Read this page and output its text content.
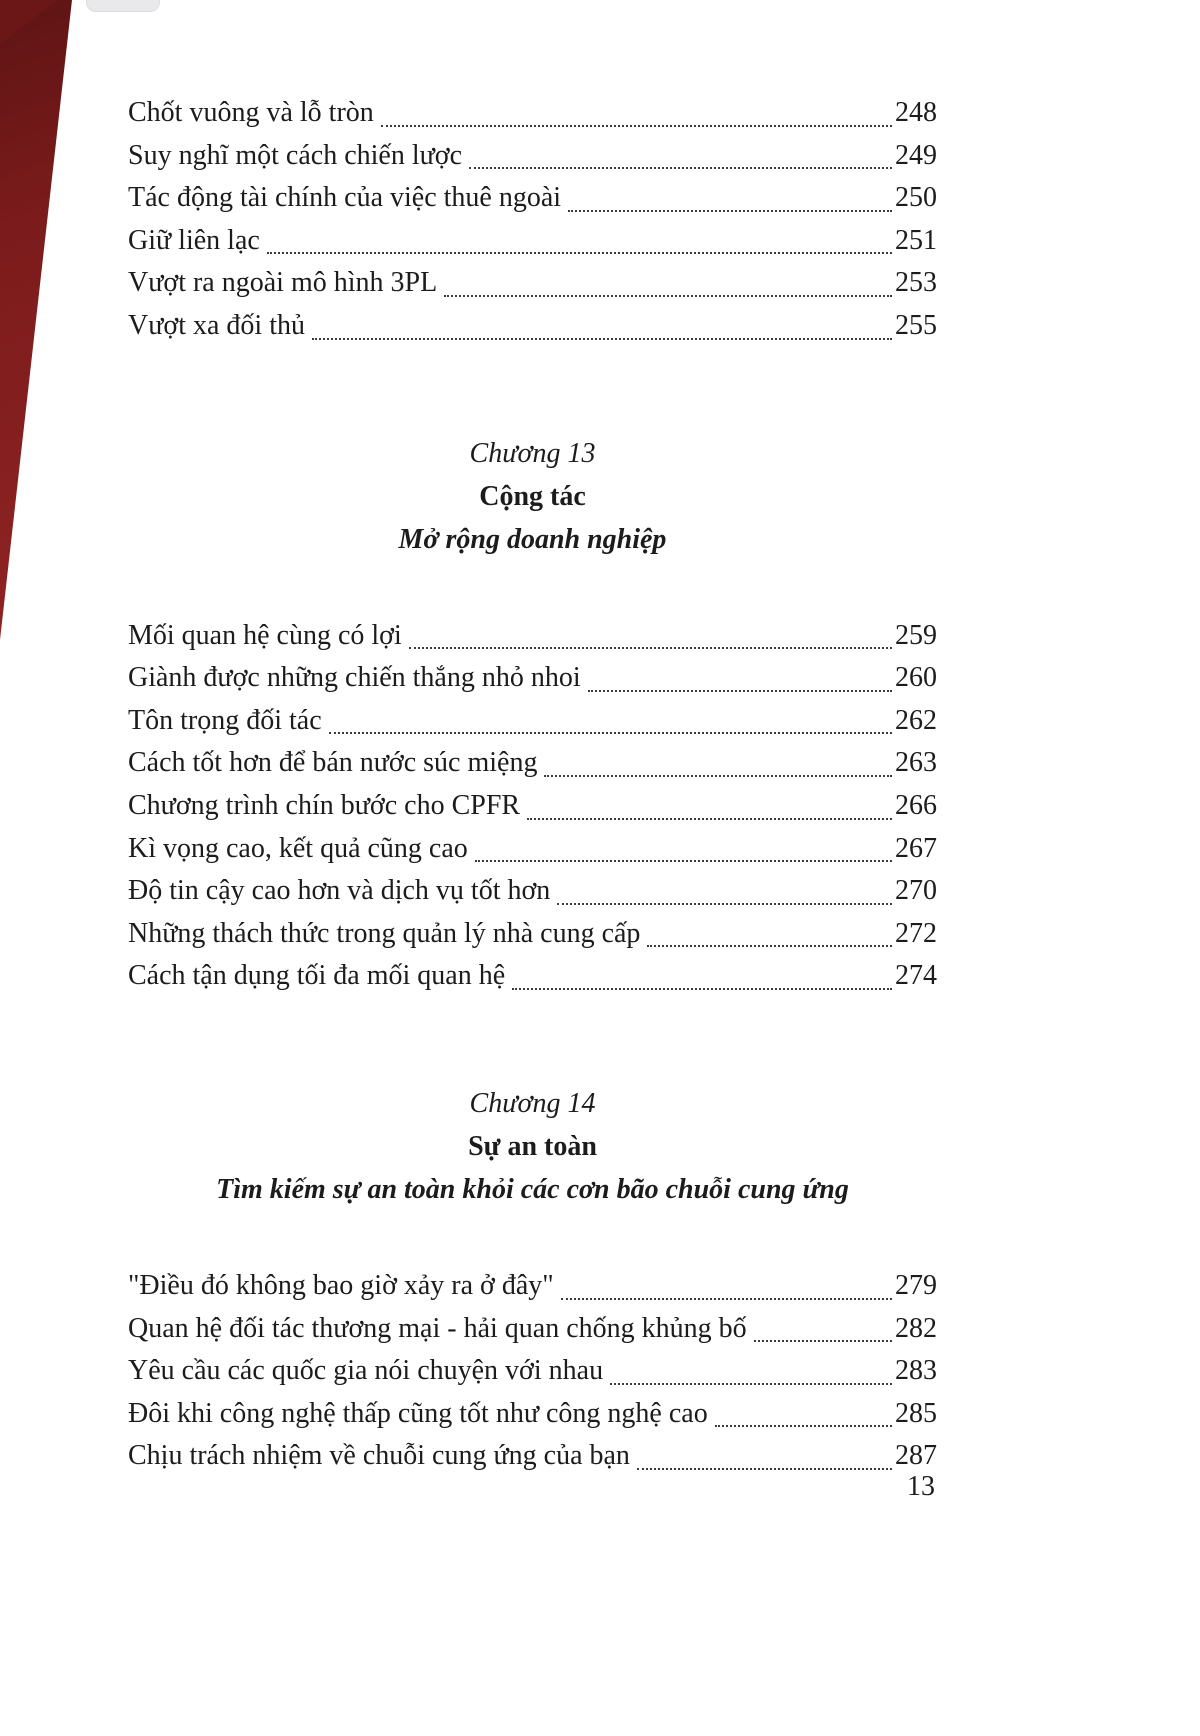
Chốt vuông và lỗ tròn	248
Suy nghĩ một cách chiến lược	249
Tác động tài chính của việc thuê ngoài	250
Giữ liên lạc	251
Vượt ra ngoài mô hình 3PL	253
Vượt xa đối thủ	255
Chương 13
Cộng tác
Mở rộng doanh nghiệp
Mối quan hệ cùng có lợi	259
Giành được những chiến thắng nhỏ nhoi	260
Tôn trọng đối tác	262
Cách tốt hơn để bán nước súc miệng	263
Chương trình chín bước cho CPFR	266
Kì vọng cao, kết quả cũng cao	267
Độ tin cậy cao hơn và dịch vụ tốt hơn	270
Những thách thức trong quản lý nhà cung cấp	272
Cách tận dụng tối đa mối quan hệ	274
Chương 14
Sự an toàn
Tìm kiếm sự an toàn khỏi các cơn bão chuỗi cung ứng
"Điều đó không bao giờ xảy ra ở đây"	279
Quan hệ đối tác thương mại - hải quan chống khủng bố	282
Yêu cầu các quốc gia nói chuyện với nhau	283
Đôi khi công nghệ thấp cũng tốt như công nghệ cao	285
Chịu trách nhiệm về chuỗi cung ứng của bạn	287
13
